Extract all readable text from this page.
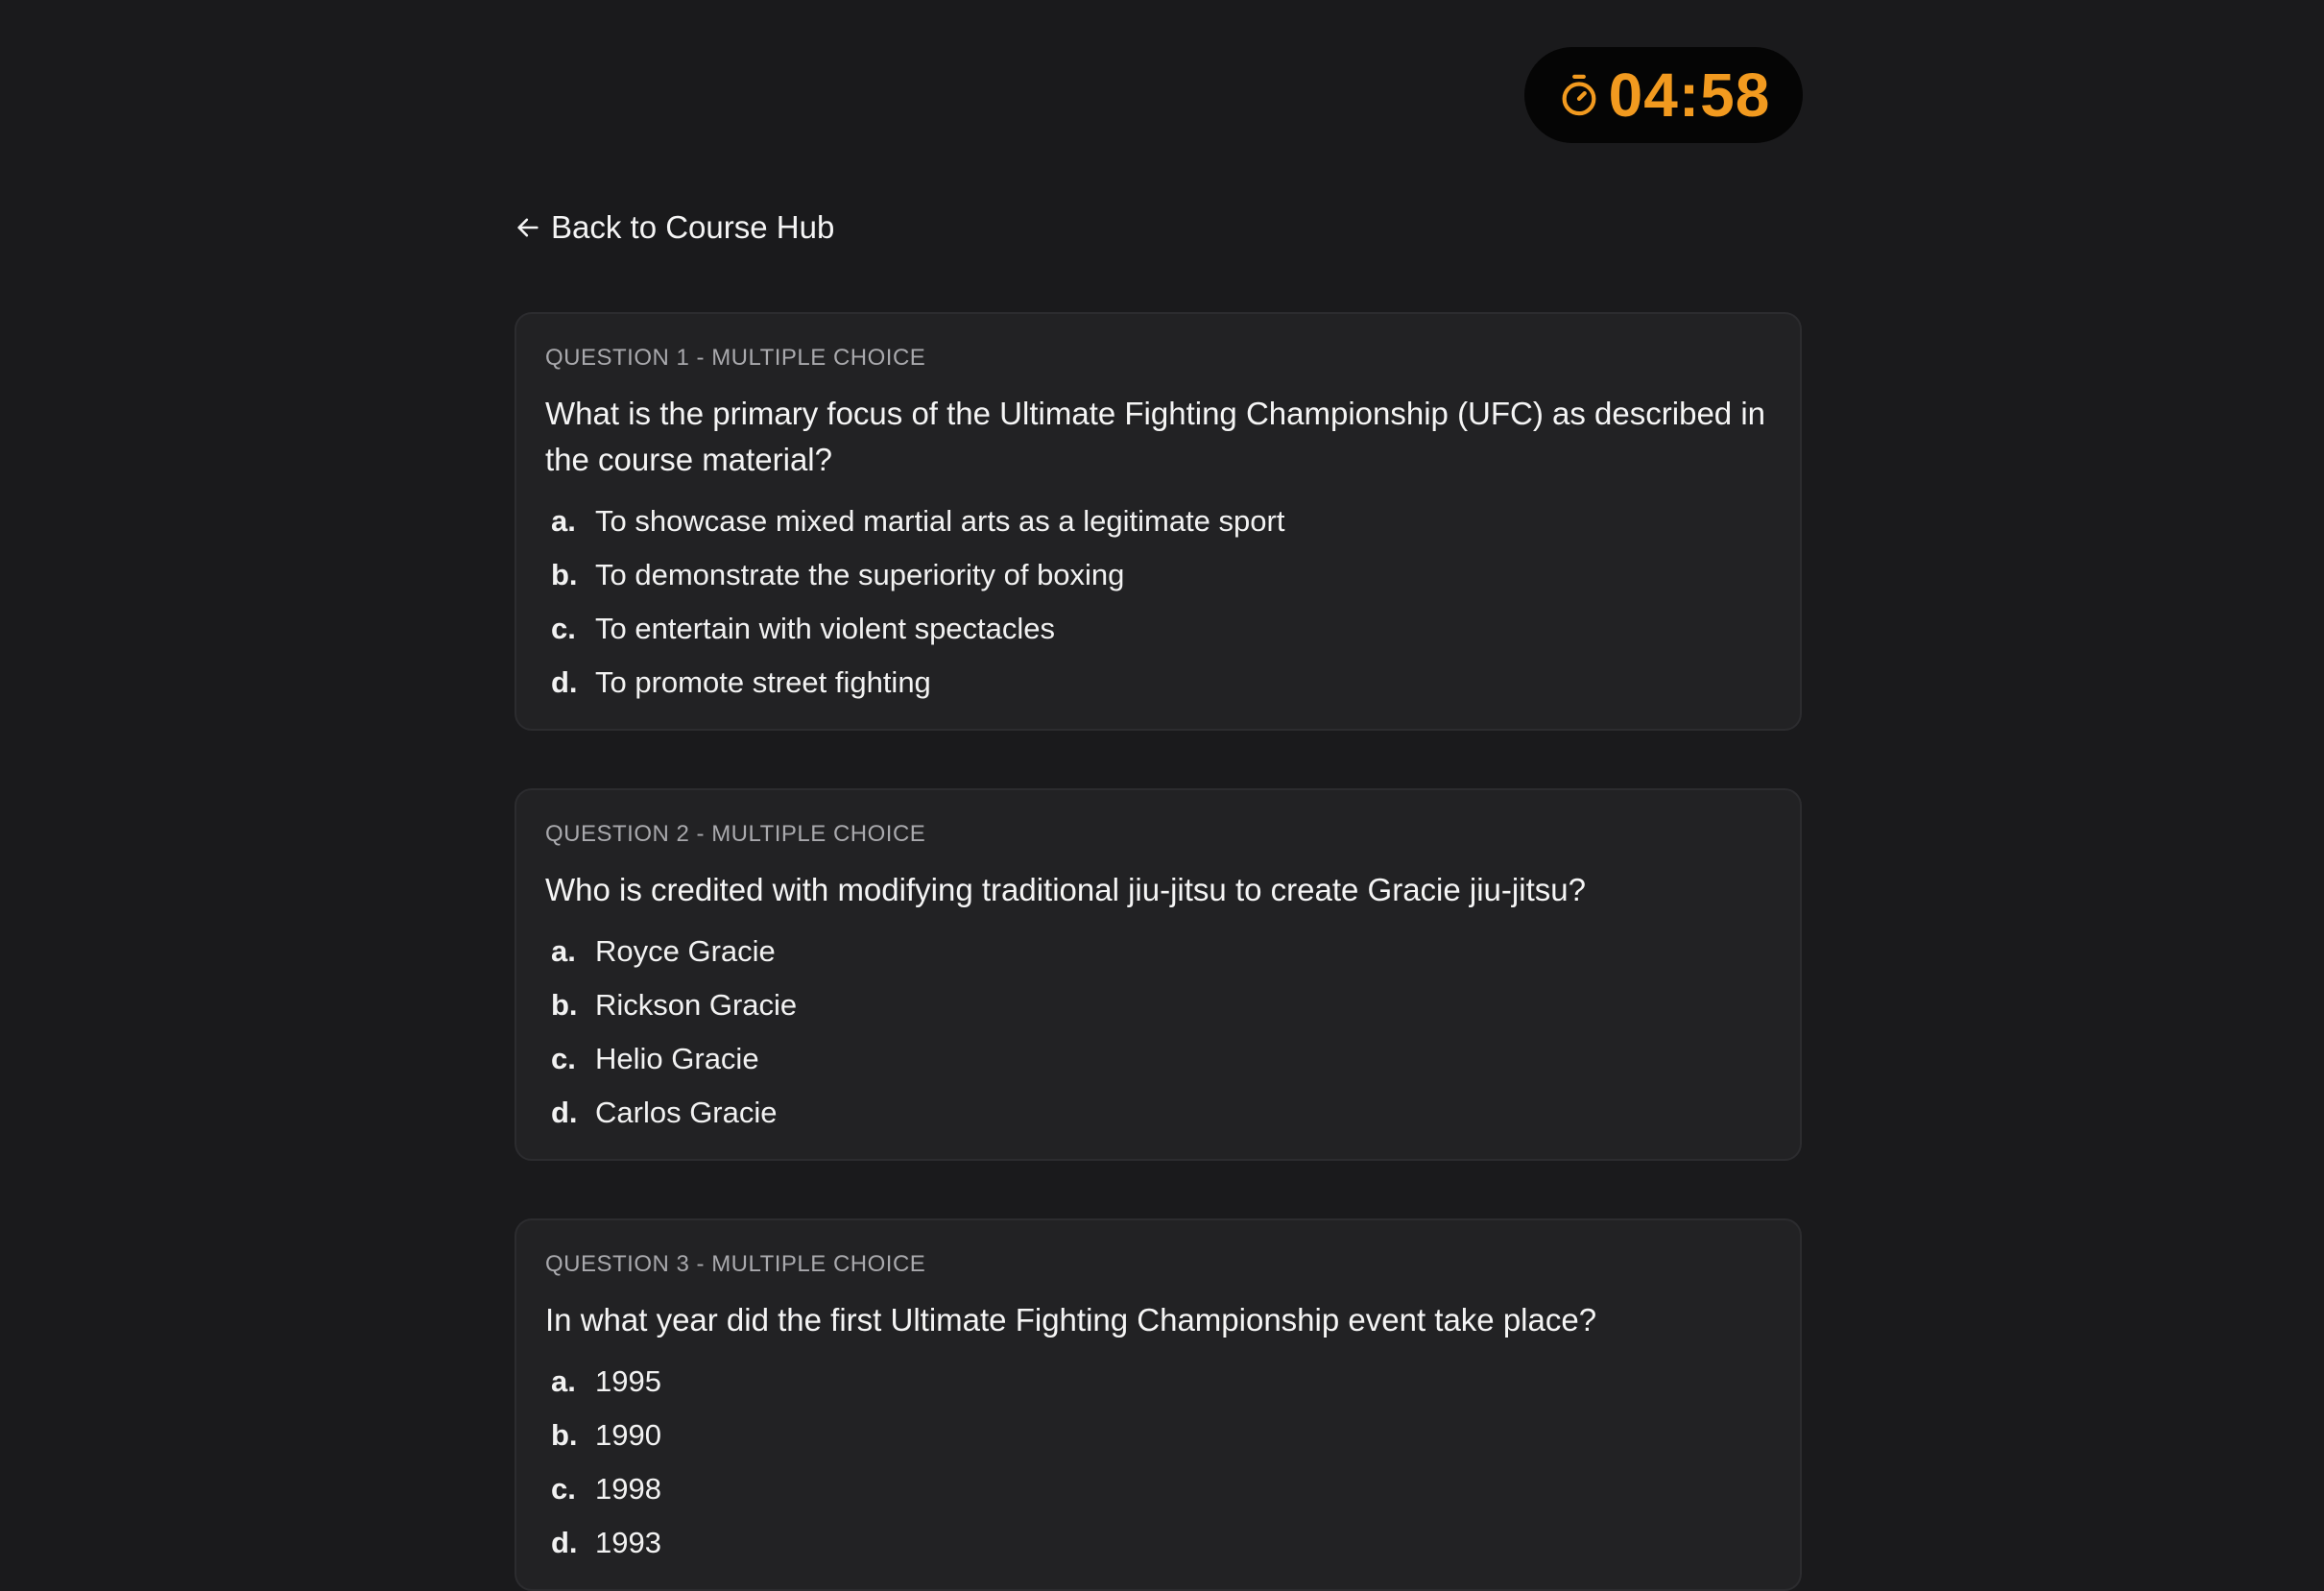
04:58
Back to Course Hub
QUESTION 1 - MULTIPLE CHOICE
What is the primary focus of the Ultimate Fighting Championship (UFC) as described in the course material?
a. To showcase mixed martial arts as a legitimate sport
b. To demonstrate the superiority of boxing
c. To entertain with violent spectacles
d. To promote street fighting
QUESTION 2 - MULTIPLE CHOICE
Who is credited with modifying traditional jiu-jitsu to create Gracie jiu-jitsu?
a. Royce Gracie
b. Rickson Gracie
c. Helio Gracie
d. Carlos Gracie
QUESTION 3 - MULTIPLE CHOICE
In what year did the first Ultimate Fighting Championship event take place?
a. 1995
b. 1990
c. 1998
d. 1993
